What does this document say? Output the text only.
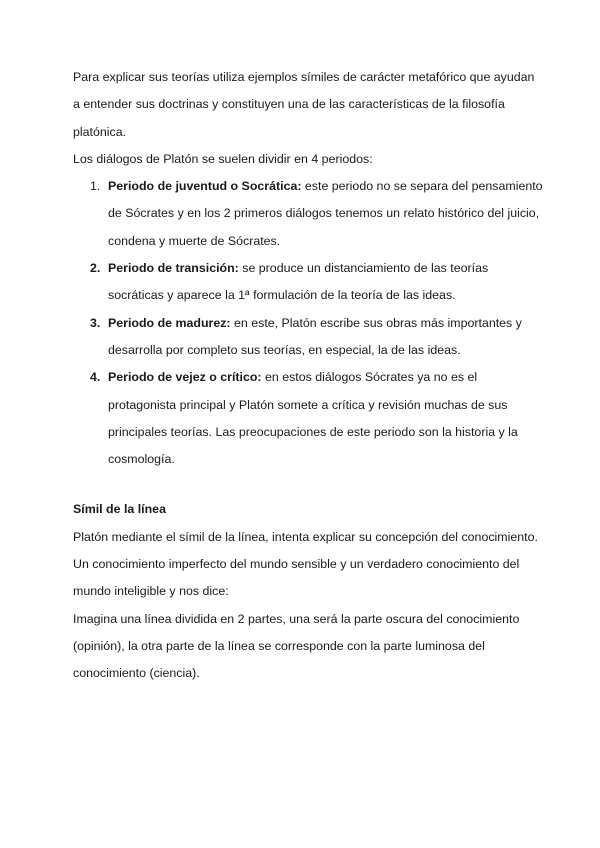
Para explicar sus teorías utiliza ejemplos símiles de carácter metafórico que ayudan a entender sus doctrinas y constituyen una de las características de la filosofía platónica.

Los diálogos de Platón se suelen dividir en 4 periodos:

1. Periodo de juventud o Socrática: este periodo no se separa del pensamiento de Sócrates y en los 2 primeros diálogos tenemos un relato histórico del juicio, condena y muerte de Sócrates.
2. Periodo de transición: se produce un distanciamiento de las teorías socráticas y aparece la 1ª formulación de la teoría de las ideas.
3. Periodo de madurez: en este, Platón escribe sus obras más importantes y desarrolla por completo sus teorías, en especial, la de las ideas.
4. Periodo de vejez o crítico: en estos diálogos Sócrates ya no es el protagonista principal y Platón somete a crítica y revisión muchas de sus principales teorías. Las preocupaciones de este periodo son la historia y la cosmología.

Símil de la línea

Platón mediante el símil de la línea, intenta explicar su concepción del conocimiento. Un conocimiento imperfecto del mundo sensible y un verdadero conocimiento del mundo inteligible y nos dice:

Imagina una línea dividida en 2 partes, una será la parte oscura del conocimiento (opinión), la otra parte de la línea se corresponde con la parte luminosa del conocimiento (ciencia).
